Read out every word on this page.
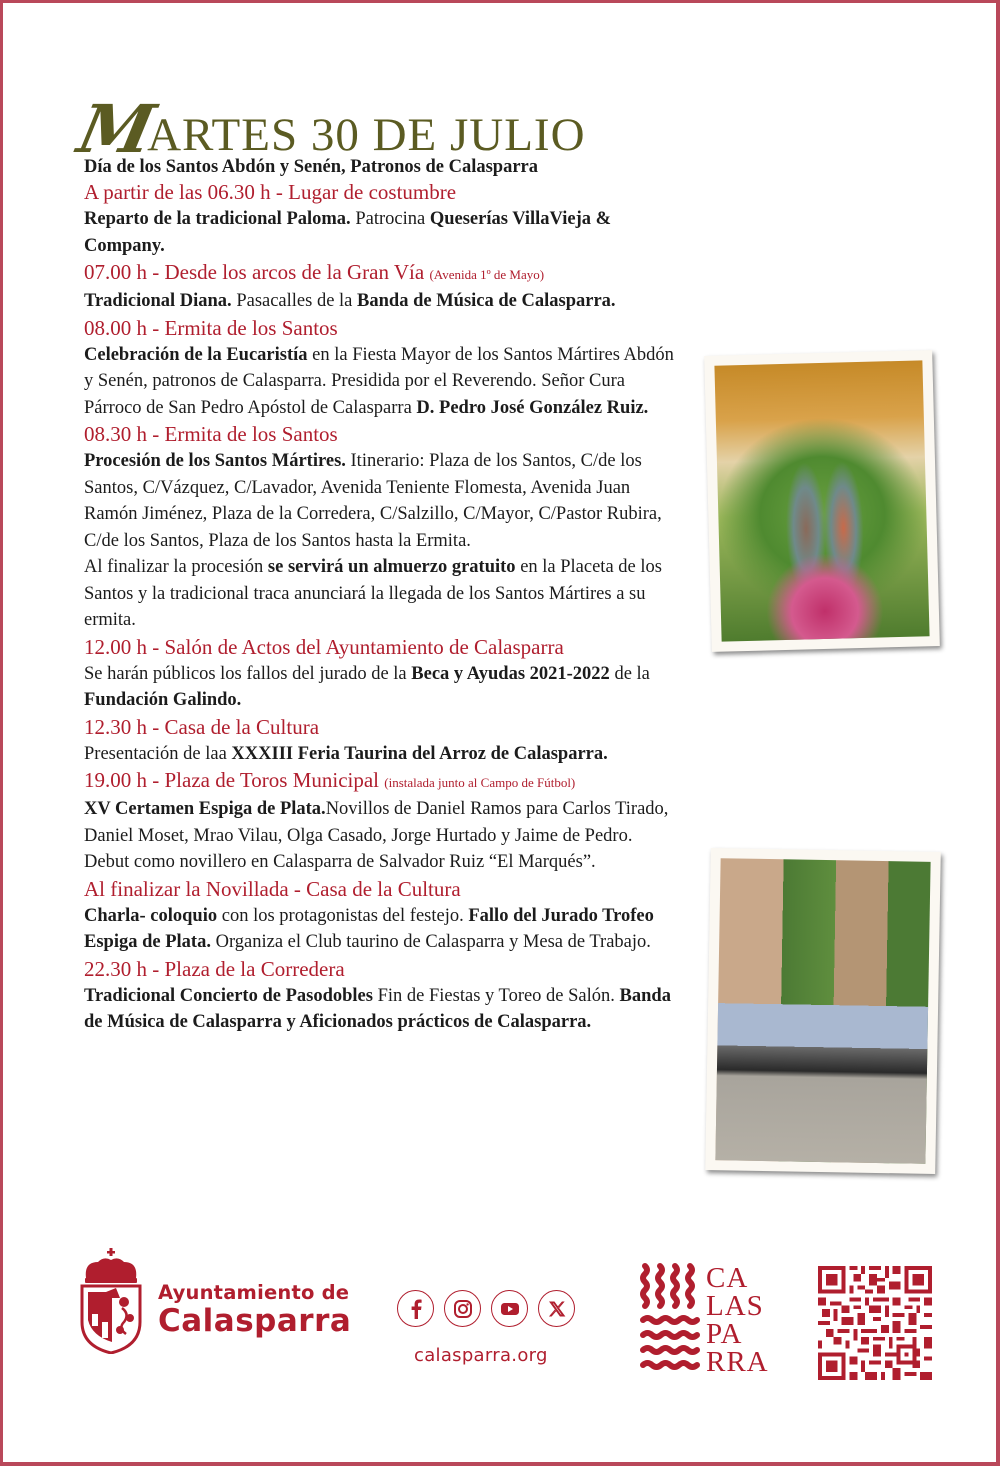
M
ARTES 30 DE JULIO
Día de los Santos Abdón y Senén, Patronos de Calasparra
A partir de las 06.30 h - Lugar de costumbre
Reparto de la tradicional Paloma. Patrocina Queserías VillaVieja & Company.
07.00 h - Desde los arcos de la Gran Vía (Avenida 1º de Mayo)
Tradicional Diana. Pasacalles de la Banda de Música de Calasparra.
08.00 h - Ermita de los Santos
Celebración de la Eucaristía en la Fiesta Mayor de los Santos Mártires Abdón y Senén, patronos de Calasparra. Presidida por el Reverendo. Señor Cura Párroco de San Pedro Apóstol de Calasparra D. Pedro José González Ruiz.
08.30 h - Ermita de los Santos
Procesión de los Santos Mártires. Itinerario: Plaza de los Santos, C/de los Santos, C/Vázquez, C/Lavador, Avenida Teniente Flomesta, Avenida Juan Ramón Jiménez, Plaza de la Corredera, C/Salzillo, C/Mayor, C/Pastor Rubira, C/de los Santos, Plaza de los Santos hasta la Ermita.
Al finalizar la procesión se servirá un almuerzo gratuito en la Placeta de los Santos y la tradicional traca anunciará la llegada de los Santos Mártires a su ermita.
12.00 h - Salón de Actos del Ayuntamiento de Calasparra
Se harán públicos los fallos del jurado de la Beca y Ayudas 2021-2022 de la Fundación Galindo.
12.30 h - Casa de la Cultura
Presentación de laa XXXIII Feria Taurina del Arroz de Calasparra.
19.00 h - Plaza de Toros Municipal (instalada junto al Campo de Fútbol)
XV Certamen Espiga de Plata.Novillos de Daniel Ramos para Carlos Tirado, Daniel Moset, Mrao Vilau, Olga Casado, Jorge Hurtado y Jaime de Pedro. Debut como novillero en Calasparra de Salvador Ruiz “El Marqués”.
Al finalizar la Novillada - Casa de la Cultura
Charla- coloquio con los protagonistas del festejo. Fallo del Jurado Trofeo Espiga de Plata. Organiza el Club taurino de Calasparra y Mesa de Trabajo.
22.30 h - Plaza de la Corredera
Tradicional Concierto de Pasodobles Fin de Fiestas y Toreo de Salón. Banda de Música de Calasparra y Aficionados prácticos de Calasparra.
Ayuntamiento de
Calasparra
calasparra.org
CA
LAS
PA
RRA
